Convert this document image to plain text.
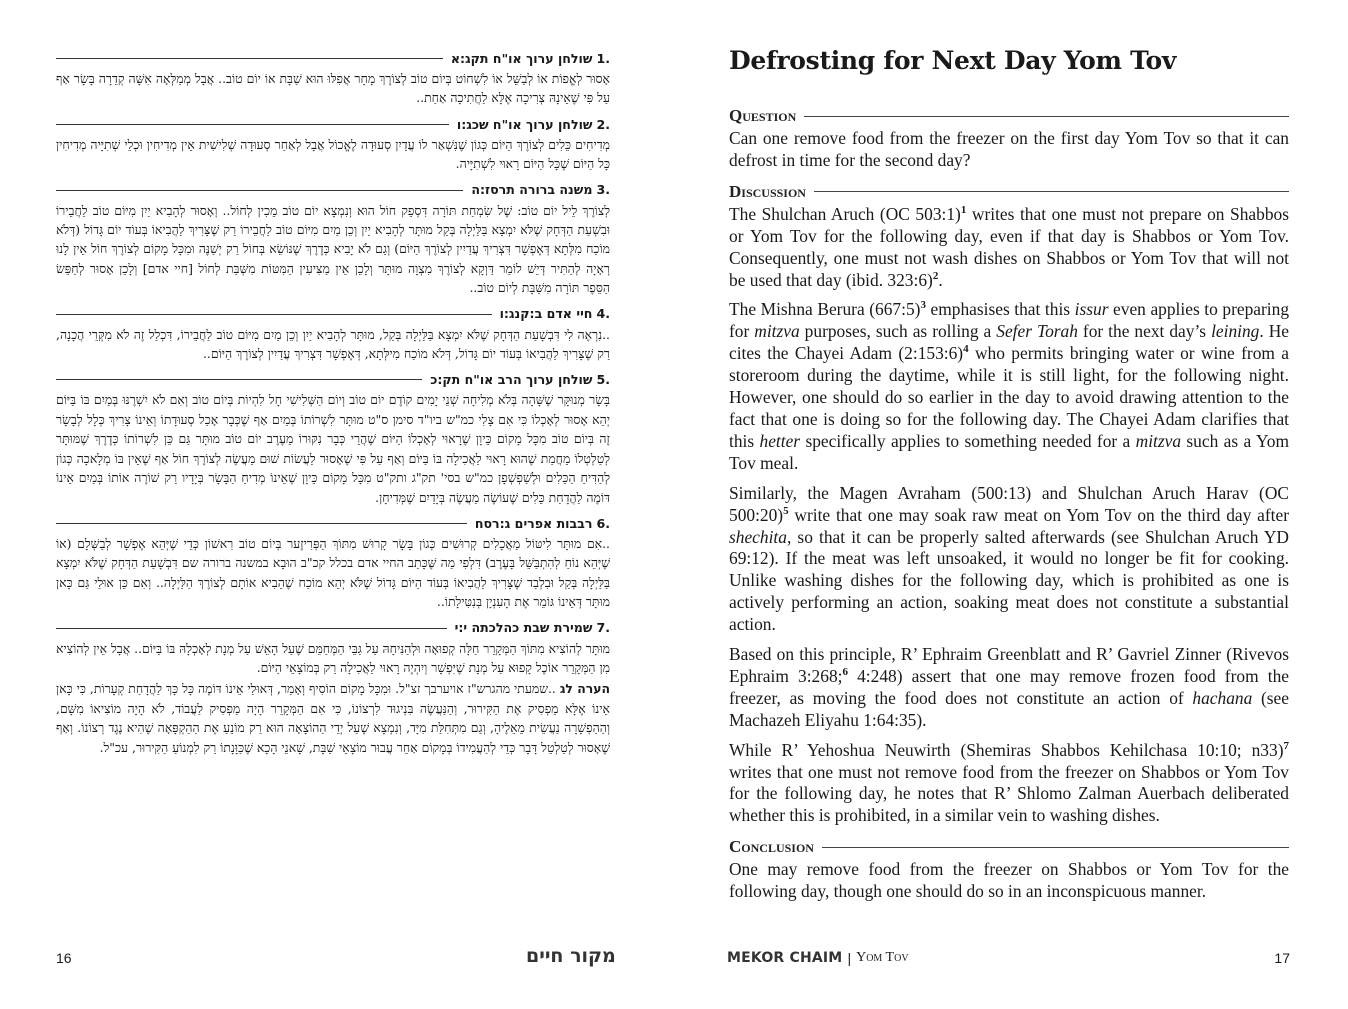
.1
שולחן ערוך או"ח תקג:א

אָסוּר לְאֱפוֹת אוֹ לְבַשֵּׁל אוֹ לִשְׁחוֹט בְּיוֹם טוֹב לְצוֹרֶךְ מָחָר אֲפִלּוּ הוּא שַׁבָּת אוֹ יוֹם טוֹב.. אֲבָל מְמַלְּאָה אִשָּׁה קְדֵרָה בָּשָׂר אַף עַל פִּי שֶׁאֵינָהּ צְרִיכָה אֶלָּא לַחֲתִיכָה אַחַת..

.2
שולחן ערוך או"ח שכג:ו

מְדִיחִים כֵּלִים לְצוֹרֶךְ הַיּוֹם כְּגוֹן שֶׁנִּשְׁאַר לוֹ עֲדַיִן סְעוּדָה לֶאֱכוֹל אֲבָל לְאַחַר סְעוּדָה שְׁלִישִׁית אֵין מְדִיחִין וּכְלֵי שְׁתִיָּיה מְדִיחִין כָּל הַיּוֹם שֶׁכָּל הַיּוֹם רָאוּי לִשְׁתִיָּיה.

.3
משנה ברורה תרסז:ה

לְצוֹרֶךְ לֵיל יוֹם טוֹב: שֶׁל שִׂמְחַת תּוֹרָה דִּסְפֵק חוֹל הוּא וְנִמְצָא יוֹם טוֹב מֵכִין לְחוֹל.. וְאָסוּר לְהָבִיא יַיִן מִיּוֹם טוֹב לַחֲבֵירוֹ וּבִשְׁעַת הַדְּחָק שֶׁלֹּא יִמְצָא בַּלַּיְלָה בְּקַל מוּתָּר לְהָבִיא יַיִן וְכֵן מַיִם מִיּוֹם טוֹב לַחֲבֵירוֹ רַק שֶׁצָּרִיךְ לַהֲבִיאוֹ בְּעוֹד יוֹם גָּדוֹל (דְּלֹא מוֹכַח מִלְּתָא דְּאֶפְשָׁר דִּצְרִיךְ עֲדַיִין לְצוֹרֶךְ הַיּוֹם) וְגַם לֹא יָבִיא כְּדֶרֶךְ שֶׁנּוֹשֵׂא בְּחוֹל רַק יְשַׁנֶּה וּמִכָּל מָקוֹם לְצוֹרֶךְ חוֹל אֵין לָנוּ רְאָיָה לְהַתִּיר דְּיֵשׁ לוֹמַר דַּוְקָא לְצוֹרֶךְ מִצְוָה מוּתָּר וְלָכֵן אֵין מַצִּיעִין הַמִּטּוֹת מִשְּׁבַּת לְחוֹל [חיי אדם] וְלָכֵן אָסוּר לְחַפֵּשׂ הַסֵּפֶר תּוֹרָה מִשַּׁבָּת לְיוֹם טוֹב..

.4
חיי אדם ב:קנג:ו

..נִרְאֶה לִי דִּבְשָׁעַת הַדְּחָק שֶׁלֹּא יִמְצָא בַּלַּיְלָה בְּקַל, מוּתָּר לְהָבִיא יַיִן וְכֵן מַיִם מִיּוֹם טוֹב לַחֲבֵירוֹ, דִּכְלַל זֶה לֹא מִקְּרֵי הֲכָנָה, רַק שֶׁצָּרִיךְ לַהֲבִיאוֹ בְּעוֹד יוֹם גָּדוֹל, דְּלֹא מוֹכַח מִילְּתָא, דְּאֶפְשָׁר דִּצְרִיךְ עֲדַיִין לְצוֹרֶךְ הַיּוֹם..

.5
שולחן ערוך הרב או"ח תק:כ

בָּשָׂר מְנוּקָּר שֶׁשָּׁהָה בְּלֹא מְלִיחָה שְׁנֵי יָמִים קוֹדֶם יוֹם טוֹב וְיוֹם הַשְּׁלִישִׁי חָל לִהְיוֹת בְּיוֹם טוֹב וְאִם לֹא יִשְׁרֶנּוּ בְּמַיִם בּוֹ בַּיּוֹם יְהֵא אָסוּר לְאָכְלוֹ כִּי אִם צָלִי כמ"ש ביו"ד סימן ס"ט מוּתָּר לִשְׁרוֹתוֹ בְּמַיִם אַף שֶׁכְּבָר אָכַל סְעוּדָתוֹ וְאֵינוֹ צָרִיךְ כְּלָל לְבָשָׂר זֶה בְּיוֹם טוֹב מִכָּל מָקוֹם כֵּיוָן שֶׁרָאוּי לְאָכְלוֹ הַיּוֹם שֶׁהֲרֵי כְּבָר נִקּוּרוֹ מֵעֶרֶב יוֹם טוֹב מוּתָּר גַּם כֵּן לִשְׁרוֹתוֹ כְּדֶרֶךְ שֶׁמּוּתָּר לְטַלְטְלוֹ מֵחֲמַת שֶׁהוּא רָאוּי לַאֲכִילָה בּוֹ בַּיּוֹם וְאַף עַל פִּי שֶׁאָסוּר לַעֲשׂוֹת שׁוּם מַעֲשֶׂה לְצוֹרֶךְ חוֹל אַף שֶׁאֵין בּוֹ מְלָאכָה כְּגוֹן לְהַדִּיחַ הַכֵּלִים וּלְשַׁפְשְׁפָן כמ"ש בסי' תק"ג ותק"ט מִכָּל מָקוֹם כֵּיוָן שֶׁאֵינוֹ מְדִיחַ הַבָּשָׂר בְּיָדָיו רַק שׁוֹרֶה אוֹתוֹ בְּמַיִם אֵינוֹ דּוֹמֶה לַהֲדָחַת כֵּלִים שֶׁעוֹשֶׂה מַעֲשֶׂה בְּיָדַיִם שֶׁמְּדִיחָן.

.6
רבבות אפרים ג:רסח

..אִם מוּתָּר לִיטּוֹל מַאֲכָלִים קְרוּשִׁים כְּגוֹן בָּשָׂר קָרוּשׁ מִתּוֹךְ הַפְּרִיזֶער בְּיוֹם טוֹב רִאשׁוֹן כְּדֵי שֶׁיְּהֵא אֶפְשָׁר לְבַשְּׁלָם (אוֹ שֶׁיְּהֵא נוֹחַ לְהִתְבַּשֵּׁל בָּעֶרֶב) דִּלְפִי מַה שֶּׁכָּתַב החיי אדם בכלל קכ"ב הוּבָא במשנה ברורה שם דִּבְשָׁעַת הַדְּחָק שֶׁלֹּא יִמְצָא בַּלַּיְלָה בְּקַל וּבִלְבַד שֶׁצָּרִיךְ לַהֲבִיאוֹ בְּעוֹד הַיּוֹם גָּדוֹל שֶׁלֹּא יְהֵא מוֹכַח שֶׁהֵבִיא אוֹתָם לְצוֹרֶךְ הַלַּיְלָה.. וְאִם כֵּן אוּלַי גַּם כָּאן מוּתָּר דְּאֵינוֹ גּוֹמֵר אֶת הָעִנְיָן בְּנִטִּילָתוֹ..

.7
שמירת שבת כהלכתה י:י

מוּתָּר לְהוֹצִיא מִתּוֹךְ הַמְּקָרֵר חַלָּה קְפוּאָה וּלְהַנִּיחָהּ עַל גַּבֵּי הַמְּחַמֵּם שֶׁעַל הָאֵשׁ עַל מְנָת לְאָכְלָהּ בּוֹ בַּיּוֹם.. אֲבָל אֵין לְהוֹצִיא מִן הַמְּקָרֵר אוֹכֶל קָפוּא עַל מְנָת שֶׁיִּפְשָׁר וְיִהְיֶה רָאוּי לַאֲכִילָה רַק בְּמוֹצָאֵי הַיּוֹם.

הערה לג ..שמעתי מהגרש"ז אויערבך זצ"ל. וּמִכָּל מָקוֹם הוֹסִיף וְאָמַר, דְּאוּלַי אֵינוֹ דּוֹמֶה כָּל כָּךְ לַהֲדָחַת קְעָרוֹת, כִּי כָּאן אֵינוֹ אֶלָּא מַפְסִיק אֶת הַקִּירוּר, וְהַנַּעֲשֶׂה בִּנְיגוּד לִרְצוֹנוֹ, כִּי אִם הַמְּקָרֵר הָיָה מַפְסִיק לַעֲבוֹד, לֹא הָיָה מוֹצִיאוֹ מִשָּׁם, וְהַהַפְשָׁרָה נַעֲשֵׂית מֵאֵלֶיהָ, וְגַם מִתְּחִלַּת מִיָּד, וְנִמְצָא שֶׁעַל יְדֵי הַהוֹצָאָה הוּא רַק מוֹנֵעַ אֶת הַהַקְפָּאָה שֶׁהִיא נֶגֶד רְצוֹנוֹ. וְאַף שֶׁאָסוּר לְטַלְטֵל דָּבָר כְּדֵי לְהַעֲמִידוֹ בְּמָקוֹם אַחֵר עֲבוּר מוֹצָאֵי שַׁבָּת, שָׁאנֵי הָכָא שֶׁכַּוָּנָתוֹ רַק לִמְנוֹעַ הַקִּירוּר, עכ"ל.

16	מקור חיים
Defrosting for Next Day Yom Tov
Question

Can one remove food from the freezer on the first day Yom Tov so that it can defrost in time for the second day?

Discussion

The Shulchan Aruch (OC 503:1)$^1$ writes that one must not prepare on Shabbos or Yom Tov for the following day, even if that day is Shabbos or Yom Tov. Consequently, one must not wash dishes on Shabbos or Yom Tov that will not be used that day (ibid. 323:6)$^2$.

The Mishna Berura (667:5)$^3$ emphasises that this issur even applies to preparing for mitzva purposes, such as rolling a Sefer Torah for the next day’s leining. He cites the Chayei Adam (2:153:6)$^4$ who permits bringing water or wine from a storeroom during the daytime, while it is still light, for the following night. However, one should do so earlier in the day to avoid drawing attention to the fact that one is doing so for the following day. The Chayei Adam clarifies that this hetter specifically applies to something needed for a mitzva such as a Yom Tov meal.

Similarly, the Magen Avraham (500:13) and Shulchan Aruch Harav (OC 500:20)$^5$ write that one may soak raw meat on Yom Tov on the third day after shechita, so that it can be properly salted afterwards (see Shulchan Aruch YD 69:12). If the meat was left unsoaked, it would no longer be fit for cooking. Unlike washing dishes for the following day, which is prohibited as one is actively performing an action, soaking meat does not constitute a substantial action.

Based on this principle, R’ Ephraim Greenblatt and R’ Gavriel Zinner (Rivevos Ephraim 3:268;$^6$ 4:248) assert that one may remove frozen food from the freezer, as moving the food does not constitute an action of hachana (see Machazeh Eliyahu 1:64:35).

While R’ Yehoshua Neuwirth (Shemiras Shabbos Kehilchasa 10:10; n33)$^7$ writes that one must not remove food from the freezer on Shabbos or Yom Tov for the following day, he notes that R’ Shlomo Zalman Auerbach deliberated whether this is prohibited, in a similar vein to washing dishes.

Conclusion

One may remove food from the freezer on Shabbos or Yom Tov for the following day, though one should do so in an inconspicuous manner.

MEKOR CHAIM | Yom Tov	17
